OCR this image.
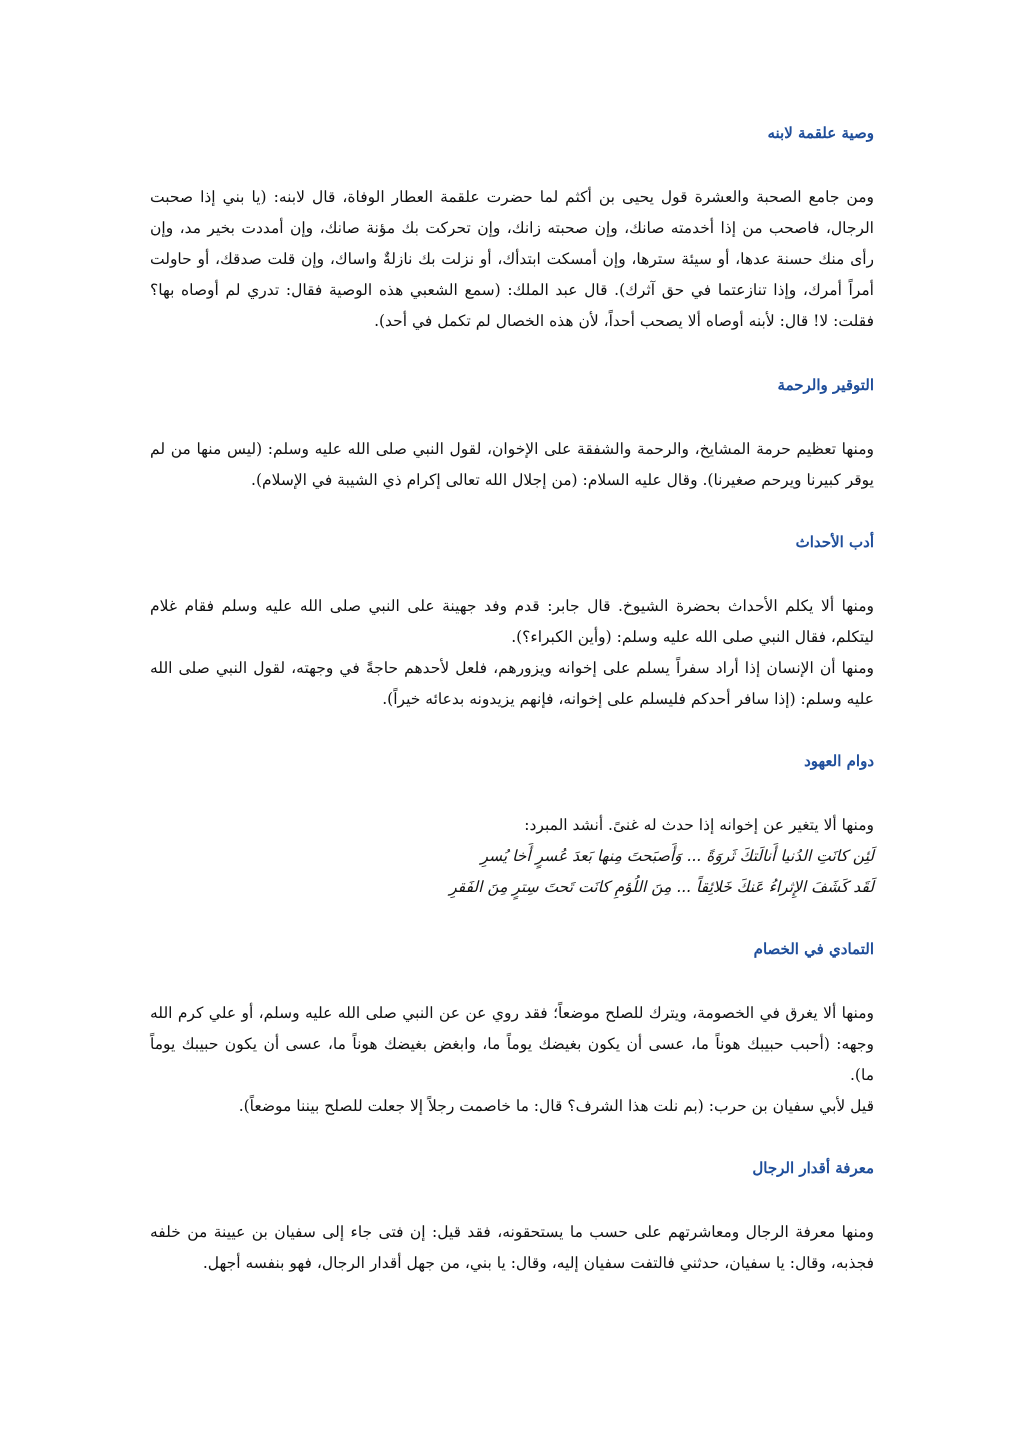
وصية علقمة لابنه

ومن جامع الصحبة والعشرة قول يحيى بن أكثم لما حضرت علقمة العطار الوفاة، قال لابنه: (يا بني إذا صحبت الرجال، فاصحب من إذا أخدمته صانك، وإن صحبته زانك، وإن تحركت بك مؤنة صانك، وإن أمددت بخير مد، وإن رأى منك حسنة عدها، أو سيئة سترها، وإن أمسكت ابتدأك، أو نزلت بك نازلةٌ واساك، وإن قلت صدقك، أو حاولت أمراً أمرك، وإذا تنازعتما في حق آثرك). قال عبد الملك: (سمع الشعبي هذه الوصية فقال: تدري لم أوصاه بها؟ فقلت: لا! قال: لأبنه أوصاه ألا يصحب أحداً، لأن هذه الخصال لم تكمل في أحد).

التوقير والرحمة

ومنها تعظيم حرمة المشايخ، والرحمة والشفقة على الإخوان، لقول النبي صلى الله عليه وسلم: (ليس منها من لم يوقر كبيرنا ويرحم صغيرنا). وقال عليه السلام: (من إجلال الله تعالى إكرام ذي الشيبة في الإسلام).

أدب الأحداث

ومنها ألا يكلم الأحداث بحضرة الشيوخ. قال جابر: قدم وفد جهينة على النبي صلى الله عليه وسلم فقام غلام ليتكلم، فقال النبي صلى الله عليه وسلم: (وأين الكبراء؟).

ومنها أن الإنسان إذا أراد سفراً يسلم على إخوانه ويزورهم، فلعل لأحدهم حاجةً في وجهته، لقول النبي صلى الله عليه وسلم: (إذا سافر أحدكم فليسلم على إخوانه، فإنهم يزيدونه بدعائه خيراً).

دوام العهود

ومنها ألا يتغير عن إخوانه إذا حدث له غنىً. أنشد المبرد:

لَئِن كانَتِ الدُنيا أَنالَتكَ ثَروَةً ... وَأَصبَحتَ مِنها بَعدَ عُسرٍ أَخا يُسرِ

لَقَد كَشَفَ الإِثراءُ عَنكَ خَلائِقاً ... مِنَ اللُؤمِ كانَت تَحتَ سِترٍ مِنَ الفَقرِ

التمادي في الخصام

ومنها ألا يغرق في الخصومة، ويترك للصلح موضعاً؛ فقد روي عن عن النبي صلى الله عليه وسلم، أو علي كرم الله وجهه: (أحبب حبيبك هوناً ما، عسى أن يكون بغيضك يوماً ما، وابغض بغيضك هوناً ما، عسى أن يكون حبيبك يوماً ما).

قيل لأبي سفيان بن حرب: (بم نلت هذا الشرف؟ قال: ما خاصمت رجلاً إلا جعلت للصلح بيننا موضعاً).

معرفة أقدار الرجال

ومنها معرفة الرجال ومعاشرتهم على حسب ما يستحقونه، فقد قيل: إن فتى جاء إلى سفيان بن عيينة من خلفه فجذبه، وقال: يا سفيان، حدثني فالتفت سفيان إليه، وقال: يا بني، من جهل أقدار الرجال، فهو بنفسه أجهل.
